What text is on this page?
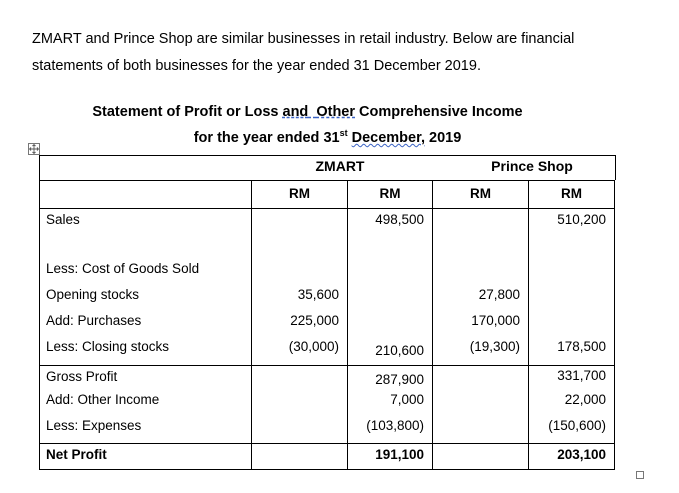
ZMART and Prince Shop are similar businesses in retail industry. Below are financial

statements of both businesses for the year ended 31 December 2019.

Statement of Profit or Loss and Other Comprehensive Income
for the year ended 31st December, 2019
ZMART	Prince Shop
	RM	RM	RM	RM
Sales		498,500		510,200
Less: Cost of Goods Sold				
Opening stocks	35,600		27,800	
Add: Purchases	225,000		170,000	
Less: Closing stocks	(30,000)	210,600	(19,300)	178,500
Gross Profit		287,900		331,700
Add: Other Income		7,000		22,000
Less: Expenses		(103,800)		(150,600)
Net Profit		191,100		203,100
